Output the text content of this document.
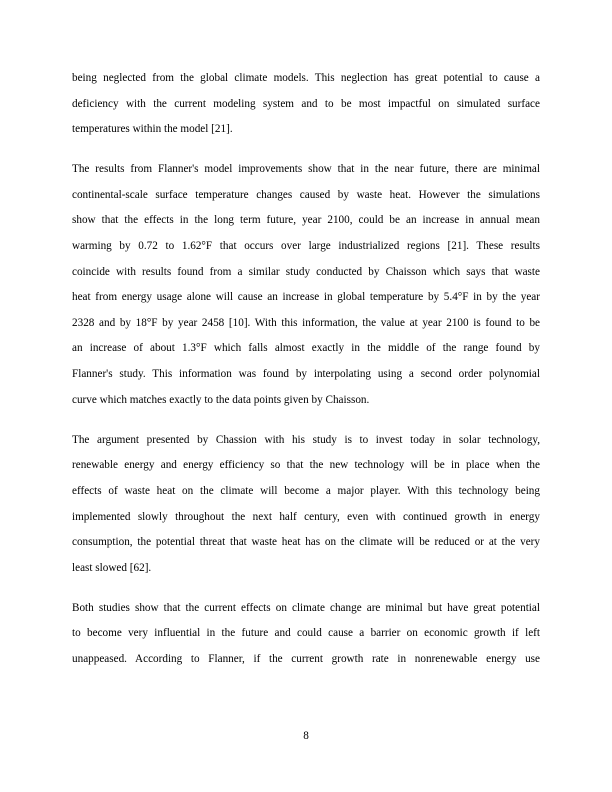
being neglected from the global climate models. This neglection has great potential to cause a
deficiency with the current modeling system and to be most impactful on simulated surface
temperatures within the model [21].

The results from Flanner's model improvements show that in the near future, there are minimal
continental-scale surface temperature changes caused by waste heat. However the simulations
show that the effects in the long term future, year 2100, could be an increase in annual mean
warming by 0.72 to 1.62°F that occurs over large industrialized regions [21]. These results
coincide with results found from a similar study conducted by Chaisson which says that waste
heat from energy usage alone will cause an increase in global temperature by 5.4°F in by the year
2328 and by 18°F by year 2458 [10]. With this information, the value at year 2100 is found to be
an increase of about 1.3°F which falls almost exactly in the middle of the range found by
Flanner's study. This information was found by interpolating using a second order polynomial
curve which matches exactly to the data points given by Chaisson.

The argument presented by Chassion with his study is to invest today in solar technology,
renewable energy and energy efficiency so that the new technology will be in place when the
effects of waste heat on the climate will become a major player. With this technology being
implemented slowly throughout the next half century, even with continued growth in energy
consumption, the potential threat that waste heat has on the climate will be reduced or at the very
least slowed [62].

Both studies show that the current effects on climate change are minimal but have great potential
to become very influential in the future and could cause a barrier on economic growth if left
unappeased. According to Flanner, if the current growth rate in nonrenewable energy use

8
